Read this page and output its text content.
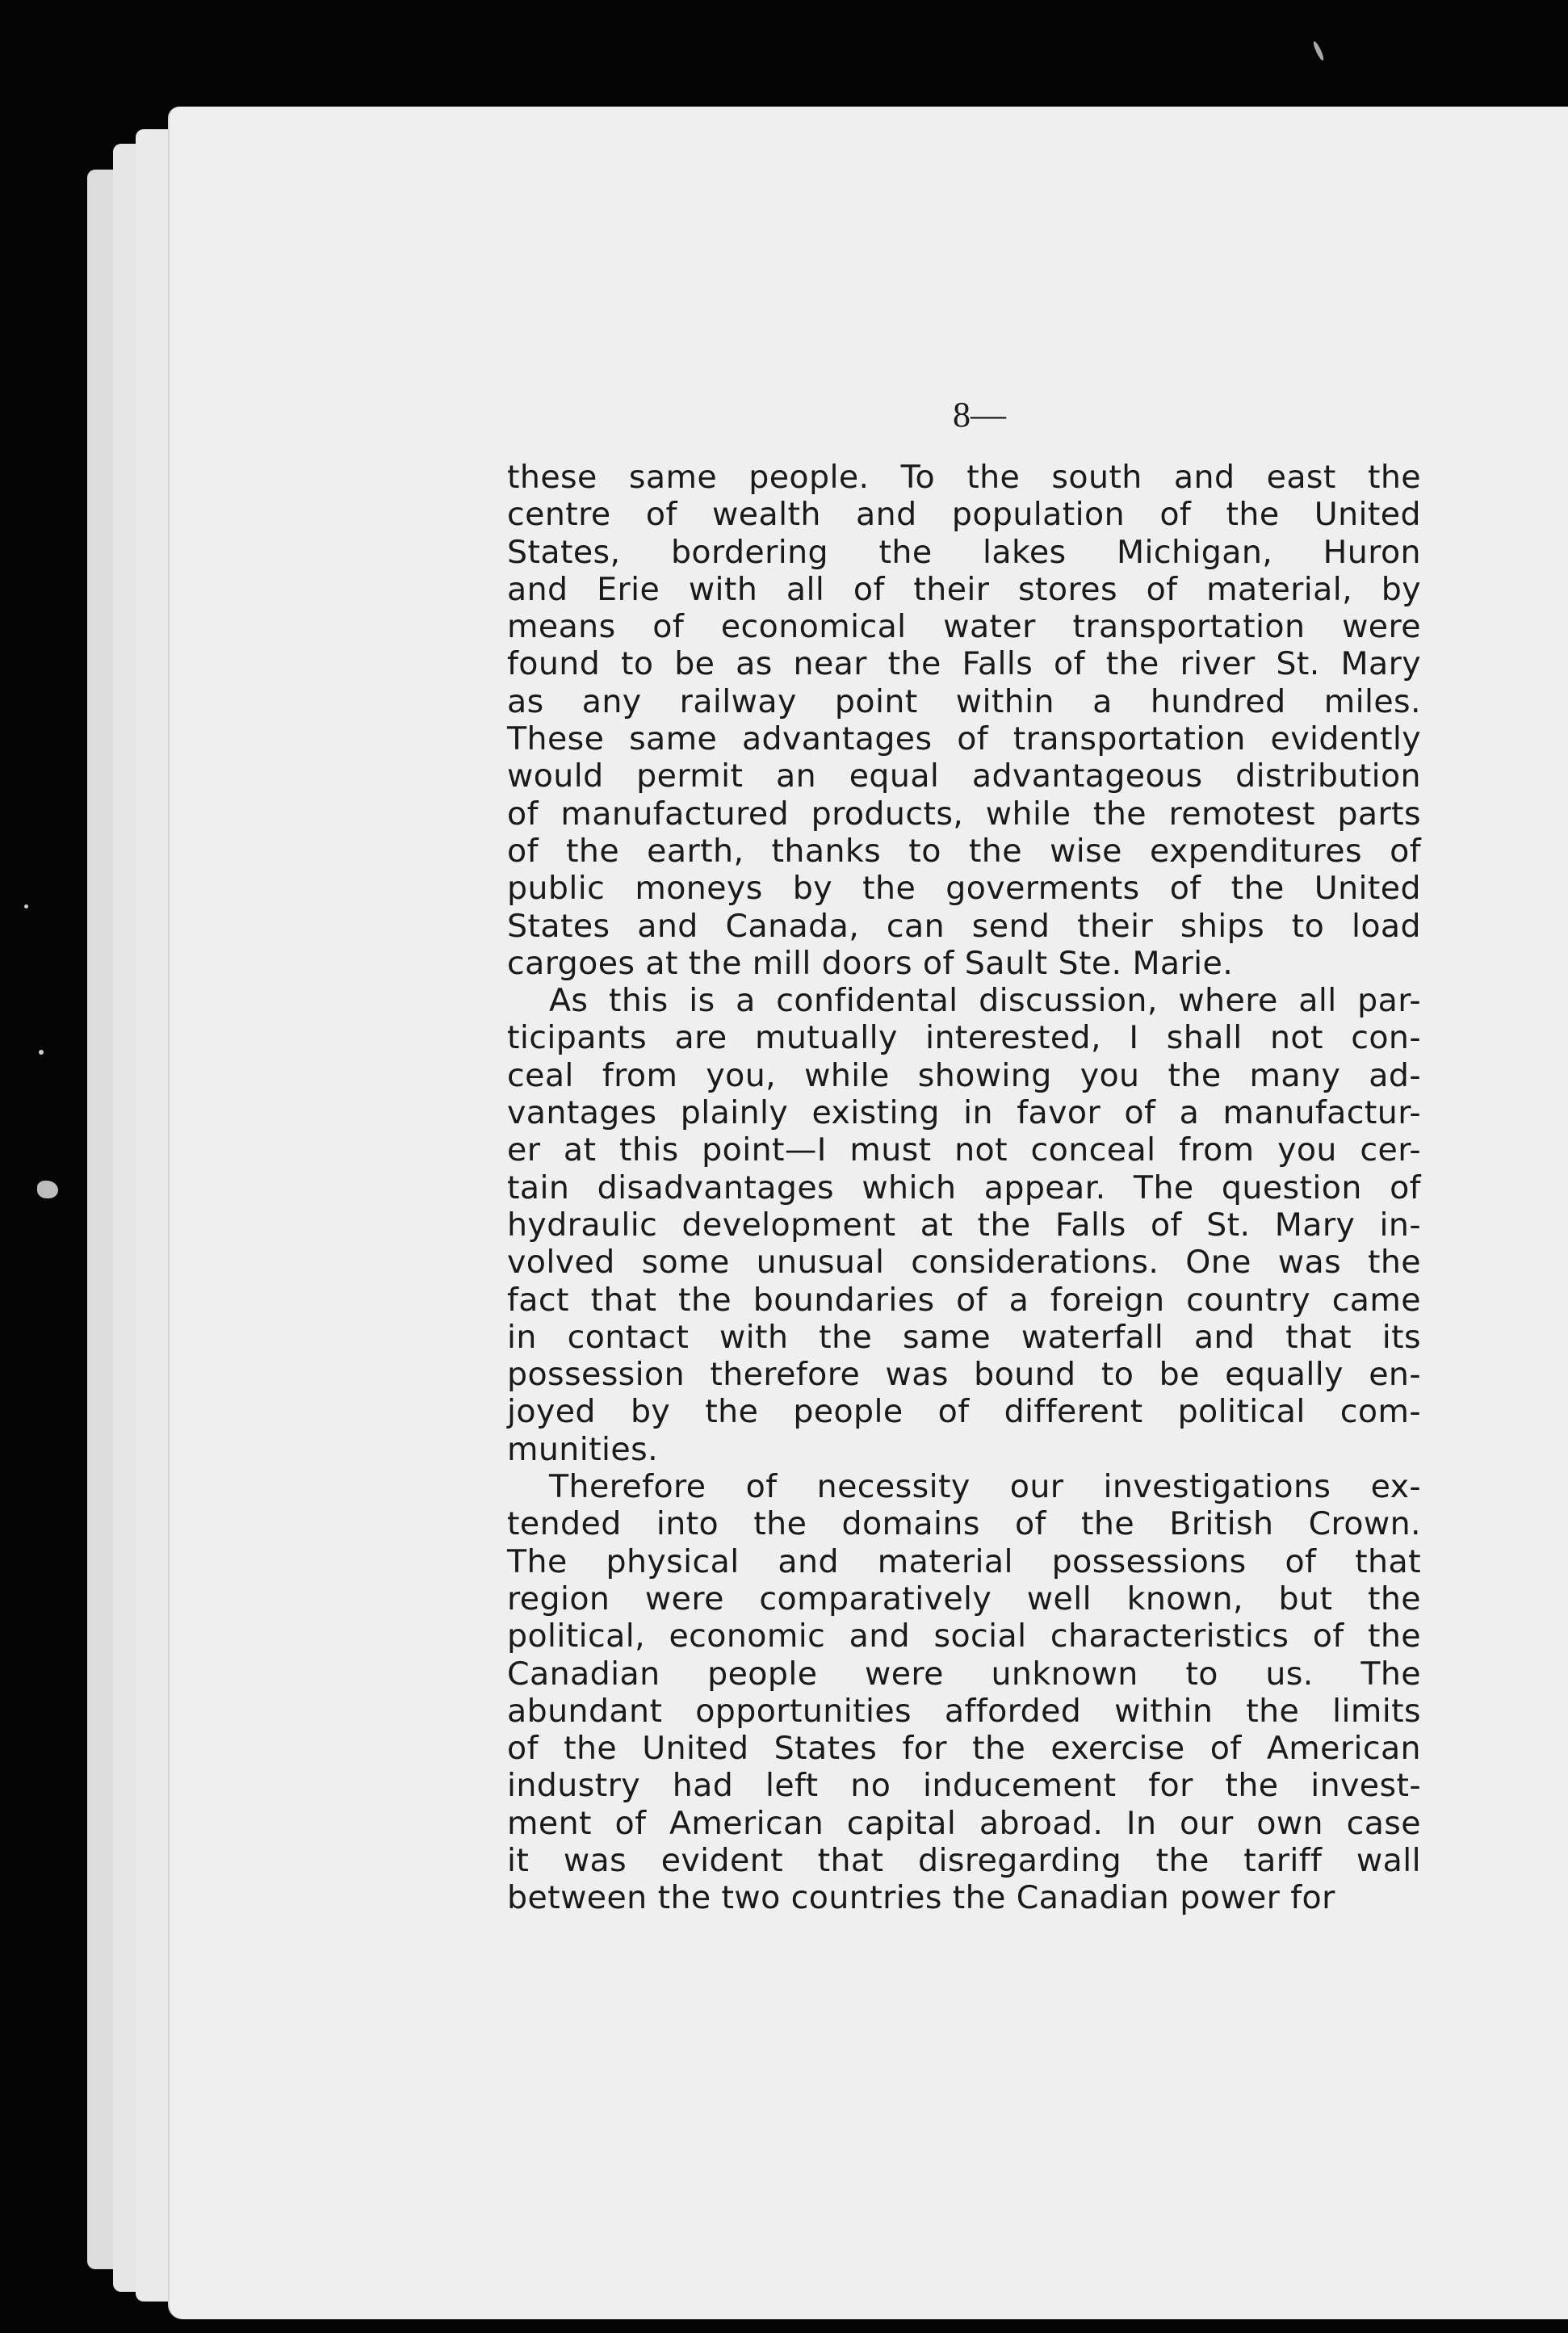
8—
these same people. To the south and east the
centre of wealth and population of the United
States, bordering the lakes Michigan, Huron
and Erie with all of their stores of material, by
means of economical water transportation were
found to be as near the Falls of the river St. Mary
as any railway point within a hundred miles.
These same advantages of transportation evidently
would permit an equal advantageous distribution
of manufactured products, while the remotest parts
of the earth, thanks to the wise expenditures of
public moneys by the goverments of the United
States and Canada, can send their ships to load
cargoes at the mill doors of Sault Ste. Marie.
As this is a confidental discussion, where all par-
ticipants are mutually interested, I shall not con-
ceal from you, while showing you the many ad-
vantages plainly existing in favor of a manufactur-
er at this point—I must not conceal from you cer-
tain disadvantages which appear. The question of
hydraulic development at the Falls of St. Mary in-
volved some unusual considerations. One was the
fact that the boundaries of a foreign country came
in contact with the same waterfall and that its
possession therefore was bound to be equally en-
joyed by the people of different political com-
munities.
Therefore of necessity our investigations ex-
tended into the domains of the British Crown.
The physical and material possessions of that
region were comparatively well known, but the
political, economic and social characteristics of the
Canadian people were unknown to us. The
abundant opportunities afforded within the limits
of the United States for the exercise of American
industry had left no inducement for the invest-
ment of American capital abroad. In our own case
it was evident that disregarding the tariff wall
between the two countries the Canadian power for
